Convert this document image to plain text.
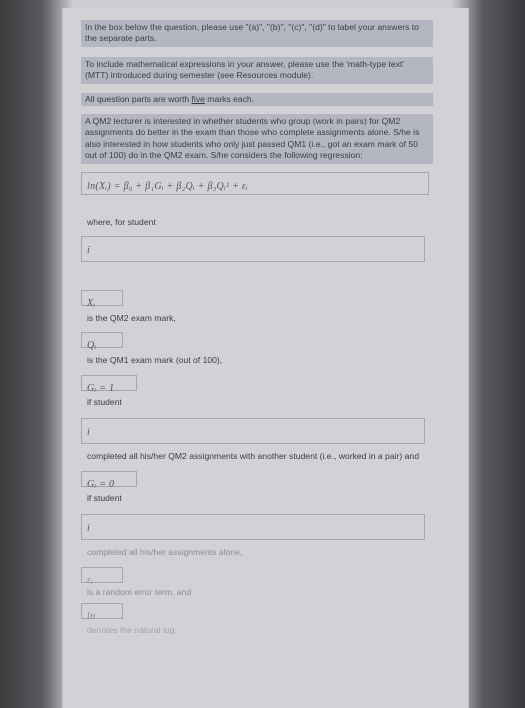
In the box below the question, please use "(a)", "(b)", "(c)", "(d)" to label your answers to the separate parts.

To include mathematical expressions in your answer, please use the 'math-type text' (MTT) introduced during semester (see Resources module).

All question parts are worth five marks each.

A QM2 lecturer is interested in whether students who group (work in pairs) for QM2 assignments do better in the exam than those who complete assignments alone. S/he is also interested in how students who only just passed QM1 (i.e., got an exam mark of 50 out of 100) do in the QM2 exam. S/he considers the following regression:

ln(Xᵢ) = β₀ + β₁Gᵢ + β₂Qᵢ + β₃Qᵢ² + εᵢ

where, for student

i
Xᵢ

is the QM2 exam mark,

Qᵢ

is the QM1 exam mark (out of 100),

Gᵢ = 1

if student

i

completed all his/her QM2 assignments with another student (i.e., worked in a pair) and

Gᵢ = 0

if student

i

completed all his/her assignments alone,

εᵢ

is a random error term, and

ln

denotes the natural log.
